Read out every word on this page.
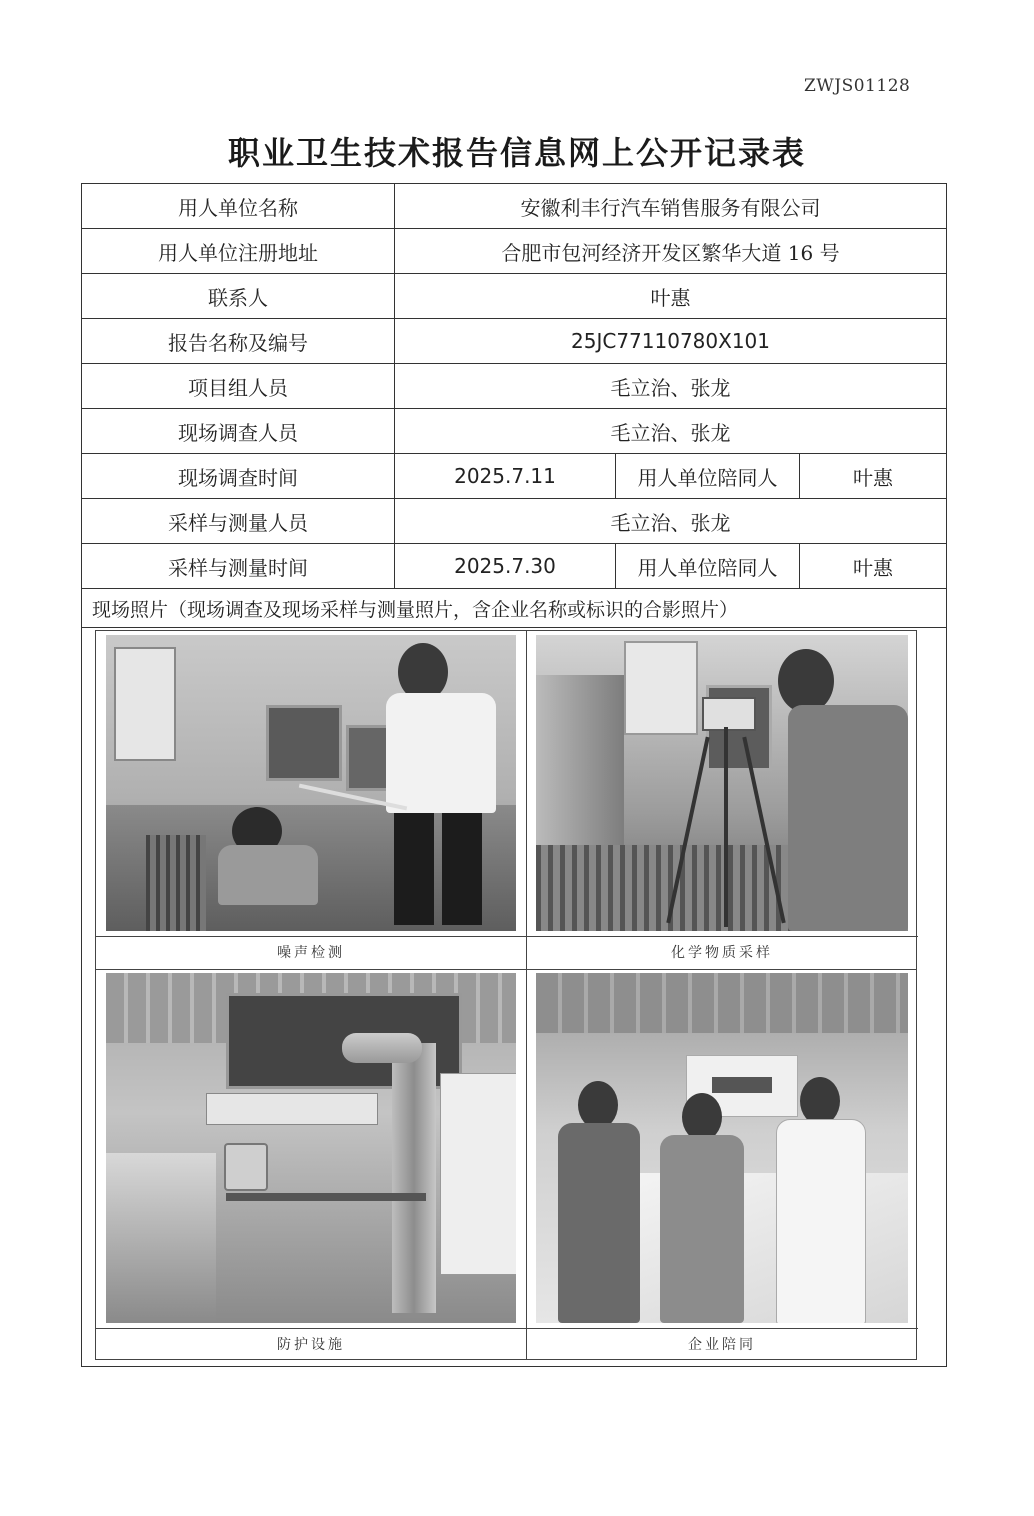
ZWJS01128
职业卫生技术报告信息网上公开记录表
用人单位名称	安徽利丰行汽车销售服务有限公司		
用人单位注册地址	合肥市包河经济开发区繁华大道 16 号		
联系人	叶惠		
报告名称及编号	25JC77110780X101		
项目组人员	毛立治、张龙		
现场调查人员	毛立治、张龙		
现场调查时间	2025.7.11	用人单位陪同人	叶惠
采样与测量人员	毛立治、张龙		
采样与测量时间	2025.7.30	用人单位陪同人	叶惠
现场照片（现场调查及现场采样与测量照片，含企业名称或标识的合影照片）			

噪声检测 化学物质采样
防护设施 企业陪同			
